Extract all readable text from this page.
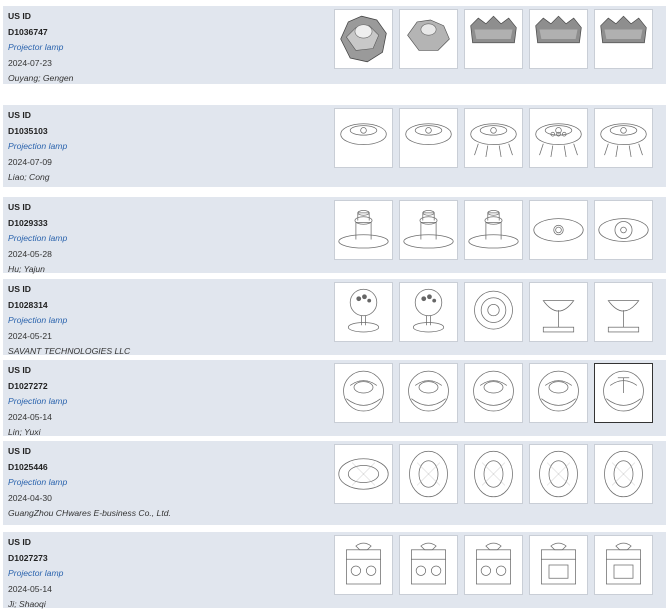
US ID
D1036747
Projector lamp
2024-07-23
Ouyang; Gengen
US ID
D1035103
Projection lamp
2024-07-09
Liao; Cong
US ID
D1029333
Projection lamp
2024-05-28
Hu; Yajun
US ID
D1028314
Projection lamp
2024-05-21
SAVANT TECHNOLOGIES LLC
US ID
D1027272
Projection lamp
2024-05-14
Lin; Yuxi
US ID
D1025446
Projection lamp
2024-04-30
GuangZhou CHwares E-business Co., Ltd.
US ID
D1027273
Projector lamp
2024-05-14
Ji; Shaoqi
